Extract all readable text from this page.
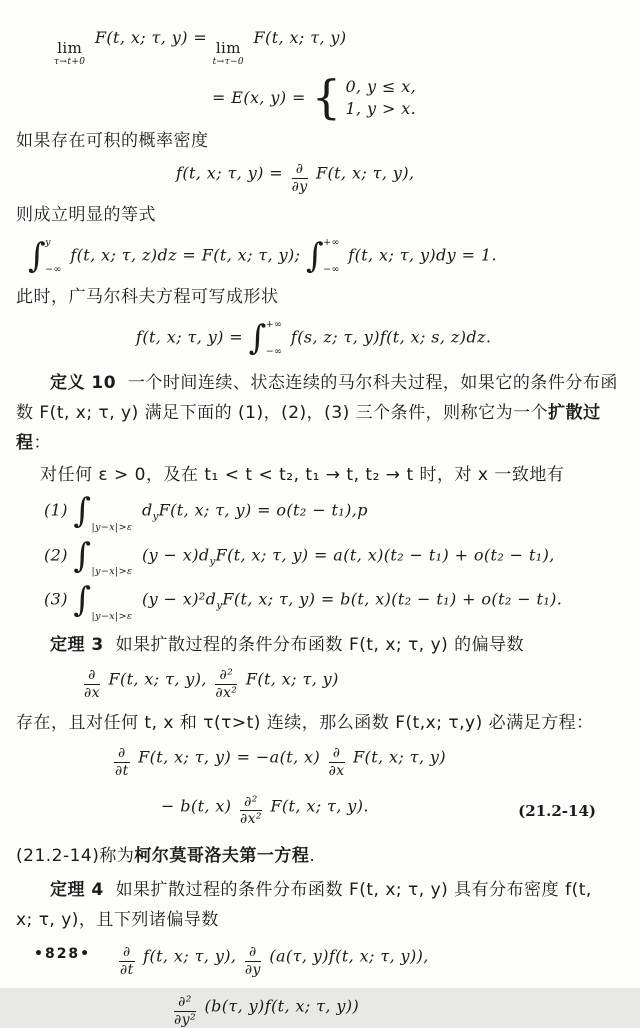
lim
τ→t+0
F(t, x; τ, y) =
lim
t→τ−0
F(t, x; τ, y)
= E(x, y) = { 0, y ≤ x,
1, y > x.
如果存在可积的概率密度
f(t, x; τ, $y) = \frac{\partial}{\partial y} F(t$, x; τ, y),
则成立明显的等式
∫ y
−∞
f(t, x; τ, z)dz = F(t, x; τ, y); ∫ +∞
−∞
f(t, x; τ, y)dy = 1.
此时，广马尔科夫方程可写成形状
f(t, x; τ, y) = ∫ +∞
−∞
f(s, z; τ, y)f(t, x; s, z)dz.
定义 10 一个时间连续、状态连续的马尔科夫过程，如果它的条件分布函
数 F(t, x; τ, y) 满足下面的 (1)，(2)，(3) 三个条件，则称它为一个扩散过
程：
对任何 ε > 0，及在 t₁ < t < t₂, t₁ → t, t₂ → t 时，对 x 一致地有
(1) ∫ $_{|y-x|>\varepsilon}$ $d_yF(t$, x; τ, y) = o(t₂ − t₁),p
(2) ∫ $_{|y-x|>\varepsilon}$ $(y - x)d_yF(t$, x; τ, y) = a(t, x)(t₂ − t₁) + o(t₂ − t₁),
(3) ∫ $_{|y-x|>\varepsilon}$ $(y - x)^2d_yF(t$, x; τ, y) = b(t, x)(t₂ − t₁) + o(t₂ − t₁).
定理 3 如果扩散过程的条件分布函数 F(t, x; τ, y) 的偏导数
$\frac{\partial}{\partial x} F(t$, x; τ, y), $\frac{\text{∂²}}{\text{∂x²}} F(t$, x; τ, y)
存在，且对任何 t, x 和 τ(τ>t) 连续，那么函数 F(t,x; τ,y) 必满足方程：
$\frac{\partial}{\partial t} F(t$, x; τ, y) = −a(t, $x) \frac{\partial}{\partial x} F(t$, x; τ, y)
− b(t, $x) \frac{\text{∂²}}{\text{∂x²}} F(t$, x; τ, y).	(21.2-14)
(21.2-14)称为柯尔莫哥洛夫第一方程.
定理 4 如果扩散过程的条件分布函数 F(t, x; τ, y) 具有分布密度 f(t,
x; τ, y)，且下列诸偏导数
$\frac{\partial}{\partial t} f(t$, x; τ, y), $\frac{\partial}{\partial y} (a(\tau$, y)f(t, x; τ, y)),
$\frac{\text{∂²}}{\text{∂y²}} (b(\tau$, y)f(t, x; τ, y))
•828•
